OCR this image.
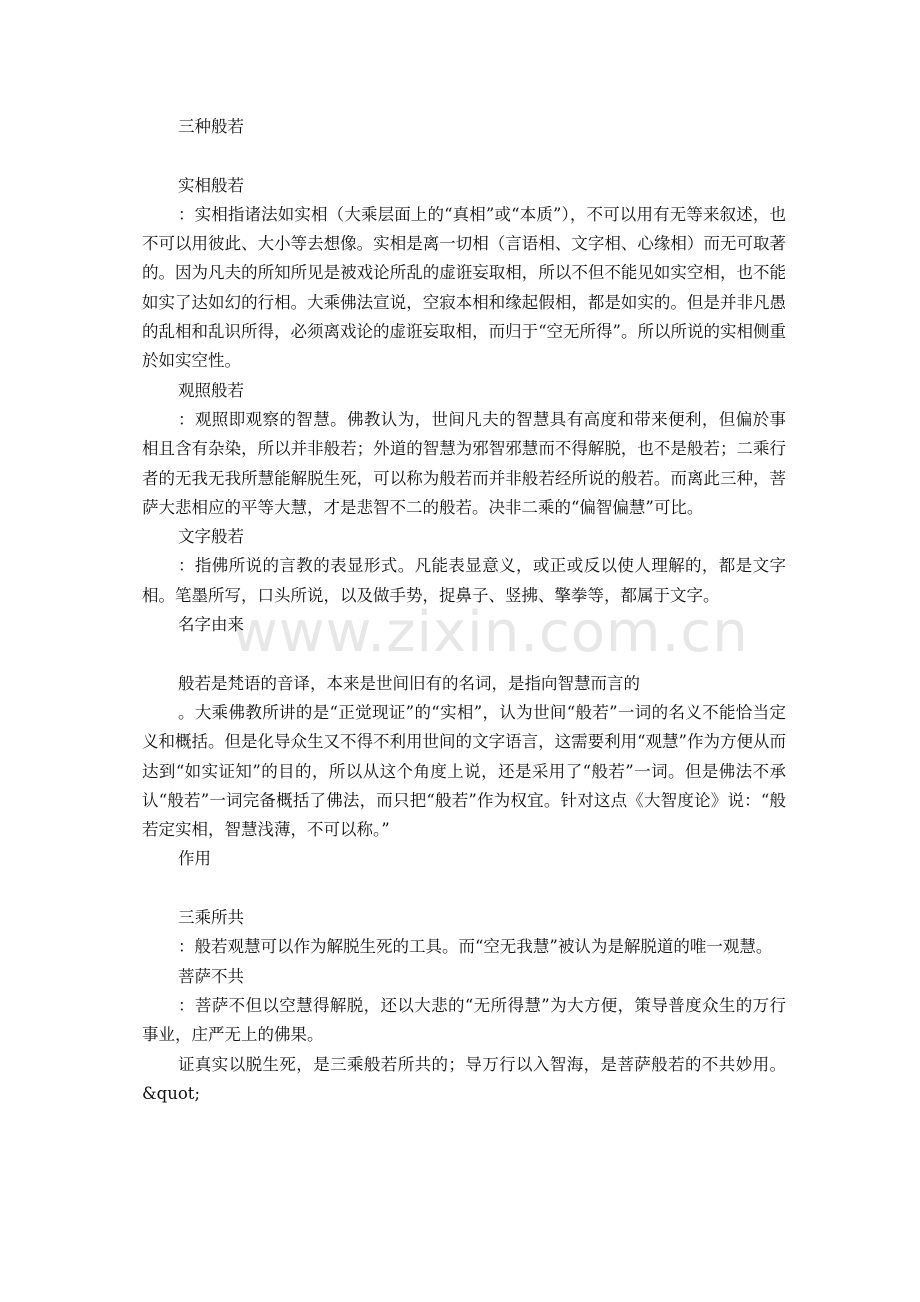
三种般若

实相般若

：实相指诸法如实相（大乘层面上的“真相”或“本质”），不可以用有无等来叙述，也不可以用彼此、大小等去想像。实相是离一切相（言语相、文字相、心缘相）而无可取著的。因为凡夫的所知所见是被戏论所乱的虚诳妄取相，所以不但不能见如实空相，也不能如实了达如幻的行相。大乘佛法宣说，空寂本相和缘起假相，都是如实的。但是并非凡愚的乱相和乱识所得，必须离戏论的虚诳妄取相，而归于“空无所得”。所以所说的实相侧重於如实空性。

观照般若

：观照即观察的智慧。佛教认为，世间凡夫的智慧具有高度和带来便利，但偏於事相且含有杂染，所以并非般若；外道的智慧为邪智邪慧而不得解脱，也不是般若；二乘行者的无我无我所慧能解脱生死，可以称为般若而并非般若经所说的般若。而离此三种，菩萨大悲相应的平等大慧，才是悲智不二的般若。决非二乘的“偏智偏慧”可比。

文字般若

：指佛所说的言教的表显形式。凡能表显意义，或正或反以使人理解的，都是文字相。笔墨所写，口头所说，以及做手势，捉鼻子、竖拂、擎拳等，都属于文字。

名字由来

般若是梵语的音译，本来是世间旧有的名词，是指向智慧而言的

。大乘佛教所讲的是“正觉现证”的“实相”，认为世间“般若”一词的名义不能恰当定义和概括。但是化导众生又不得不利用世间的文字语言，这需要利用“观慧”作为方便从而达到“如实证知”的目的，所以从这个角度上说，还是采用了“般若”一词。但是佛法不承认“般若”一词完备概括了佛法，而只把“般若”作为权宜。针对这点《大智度论》说：“般若定实相，智慧浅薄，不可以称。”

作用

三乘所共

：般若观慧可以作为解脱生死的工具。而“空无我慧”被认为是解脱道的唯一观慧。

菩萨不共

：菩萨不但以空慧得解脱，还以大悲的“无所得慧”为大方便，策导普度众生的万行事业，庄严无上的佛果。

证真实以脱生死，是三乘般若所共的；导万行以入智海，是菩萨般若的不共妙用。&quot;

www.zixin.com.cn
